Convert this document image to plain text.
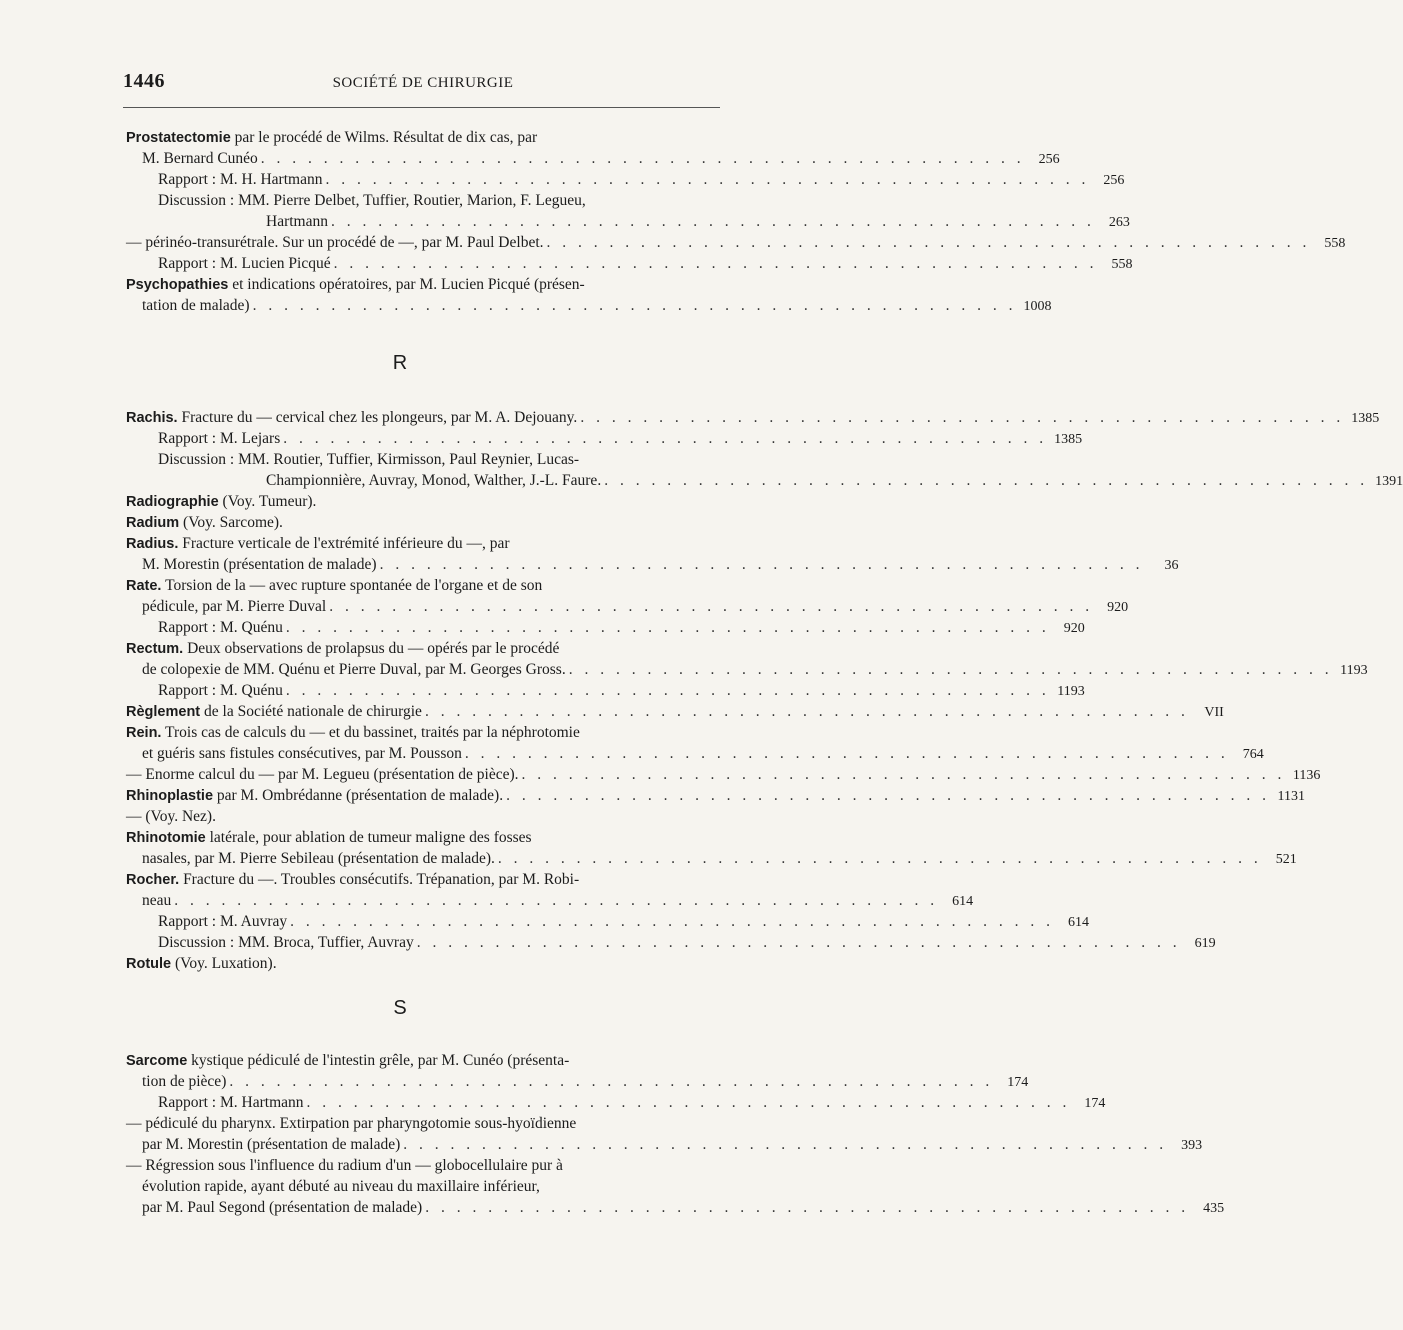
1446	SOCIÉTÉ DE CHIRURGIE
Prostatectomie par le procédé de Wilms. Résultat de dix cas, par
M. Bernard Cunéo . . . . . . . . . . . . . . . . . . . . . . . . . . . . . . . . . . . . . . . . . . . . . . . . .	256
Rapport : M. H. Hartmann . . . . . . . . . . . . . . . . . . . . . . . . . . . . . . . . . . . . . . . . . . . . . . . . .	256
Discussion : MM. Pierre Delbet, Tuffier, Routier, Marion, F. Legueu,
Hartmann . . . . . . . . . . . . . . . . . . . . . . . . . . . . . . . . . . . . . . . . . . . . . . . . .	263
— périnéo-transurétrale. Sur un procédé de —, par M. Paul Delbet. . . . . . . . . . . . . . . . . . . . . . . . . . . . . . . . . . . . . . . . . . . . . . . . . .	558
Rapport : M. Lucien Picqué . . . . . . . . . . . . . . . . . . . . . . . . . . . . . . . . . . . . . . . . . . . . . . . . .	558
Psychopathies et indications opératoires, par M. Lucien Picqué (présen-
tation de malade) . . . . . . . . . . . . . . . . . . . . . . . . . . . . . . . . . . . . . . . . . . . . . . . . . 1008
R
Rachis. Fracture du — cervical chez les plongeurs, par M. A. Dejouany. . . . . . . . . . . . . . . . . . . . . . . . . . . . . . . . . . . . . . . . . . . . . . . . . . 1385
Rapport : M. Lejars . . . . . . . . . . . . . . . . . . . . . . . . . . . . . . . . . . . . . . . . . . . . . . . . . 1385
Discussion : MM. Routier, Tuffier, Kirmisson, Paul Reynier, Lucas-
Championnière, Auvray, Monod, Walther, J.-L. Faure. . . . . . . . . . . . . . . . . . . . . . . . . . . . . . . . . . . . . . . . . . . . . . . . . . 1391
Radiographie (Voy. Tumeur).
Radium (Voy. Sarcome).
Radius. Fracture verticale de l'extrémité inférieure du —, par
M. Morestin (présentation de malade) . . . . . . . . . . . . . . . . . . . . . . . . . . . . . . . . . . . . . . . . . . . . . . . . .	36
Rate. Torsion de la — avec rupture spontanée de l'organe et de son
pédicule, par M. Pierre Duval . . . . . . . . . . . . . . . . . . . . . . . . . . . . . . . . . . . . . . . . . . . . . . . . .	920
Rapport : M. Quénu . . . . . . . . . . . . . . . . . . . . . . . . . . . . . . . . . . . . . . . . . . . . . . . . .	920
Rectum. Deux observations de prolapsus du — opérés par le procédé
de colopexie de MM. Quénu et Pierre Duval, par M. Georges Gross. . . . . . . . . . . . . . . . . . . . . . . . . . . . . . . . . . . . . . . . . . . . . . . . . . 1193
Rapport : M. Quénu . . . . . . . . . . . . . . . . . . . . . . . . . . . . . . . . . . . . . . . . . . . . . . . . . 1193
Règlement de la Société nationale de chirurgie . . . . . . . . . . . . . . . . . . . . . . . . . . . . . . . . . . . . . . . . . . . . . . . . .	VII
Rein. Trois cas de calculs du — et du bassinet, traités par la néphrotomie
et guéris sans fistules consécutives, par M. Pousson . . . . . . . . . . . . . . . . . . . . . . . . . . . . . . . . . . . . . . . . . . . . . . . . .	764
— Enorme calcul du — par M. Legueu (présentation de pièce). . . . . . . . . . . . . . . . . . . . . . . . . . . . . . . . . . . . . . . . . . . . . . . . . . 1136
Rhinoplastie par M. Ombrédanne (présentation de malade). . . . . . . . . . . . . . . . . . . . . . . . . . . . . . . . . . . . . . . . . . . . . . . . . . 1131
— (Voy. Nez).
Rhinotomie latérale, pour ablation de tumeur maligne des fosses
nasales, par M. Pierre Sebileau (présentation de malade). . . . . . . . . . . . . . . . . . . . . . . . . . . . . . . . . . . . . . . . . . . . . . . . . .	521
Rocher. Fracture du —. Troubles consécutifs. Trépanation, par M. Robi-
neau . . . . . . . . . . . . . . . . . . . . . . . . . . . . . . . . . . . . . . . . . . . . . . . . .	614
Rapport : M. Auvray . . . . . . . . . . . . . . . . . . . . . . . . . . . . . . . . . . . . . . . . . . . . . . . . .	614
Discussion : MM. Broca, Tuffier, Auvray . . . . . . . . . . . . . . . . . . . . . . . . . . . . . . . . . . . . . . . . . . . . . . . . .	619
Rotule (Voy. Luxation).
S
Sarcome kystique pédiculé de l'intestin grêle, par M. Cunéo (présenta-
tion de pièce) . . . . . . . . . . . . . . . . . . . . . . . . . . . . . . . . . . . . . . . . . . . . . . . . .	174
Rapport : M. Hartmann . . . . . . . . . . . . . . . . . . . . . . . . . . . . . . . . . . . . . . . . . . . . . . . . .	174
— pédiculé du pharynx. Extirpation par pharyngotomie sous-hyoïdienne
par M. Morestin (présentation de malade) . . . . . . . . . . . . . . . . . . . . . . . . . . . . . . . . . . . . . . . . . . . . . . . . .	393
— Régression sous l'influence du radium d'un — globocellulaire pur à
évolution rapide, ayant débuté au niveau du maxillaire inférieur,
par M. Paul Segond (présentation de malade) . . . . . . . . . . . . . . . . . . . . . . . . . . . . . . . . . . . . . . . . . . . . . . . . .	435
